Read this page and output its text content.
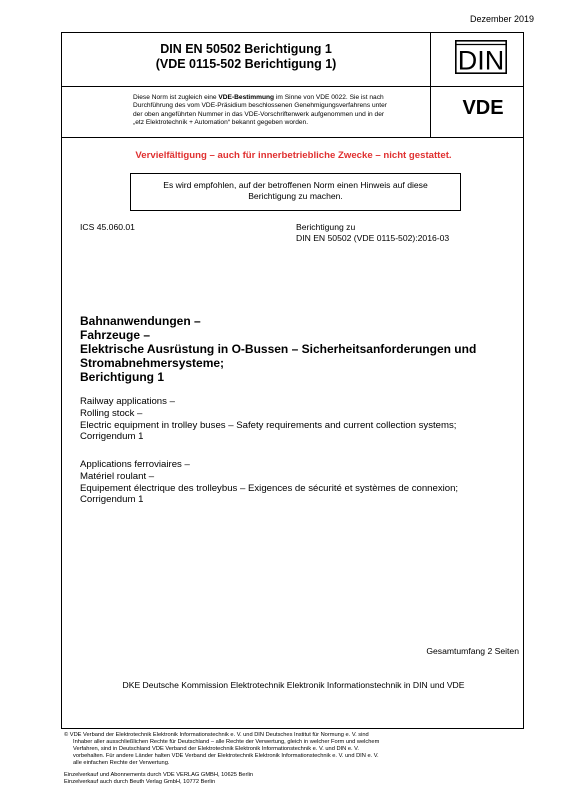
Dezember 2019
DIN EN 50502 Berichtigung 1
(VDE 0115-502 Berichtigung 1)	DIN
Diese Norm ist zugleich eine VDE-Bestimmung im Sinne von VDE 0022. Sie ist nach
Durchführung des vom VDE-Präsidium beschlossenen Genehmigungsverfahrens unter
der oben angeführten Nummer in das VDE-Vorschriftenwerk aufgenommen und in der
„etz Elektrotechnik + Automation“ bekannt gegeben worden.
VDE
Vervielfältigung – auch für innerbetriebliche Zwecke – nicht gestattet.
Es wird empfohlen, auf der betroffenen Norm einen Hinweis auf diese
Berichtigung zu machen.
ICS 45.060.01	Berichtigung zu
DIN EN 50502 (VDE 0115-502):2016-03
Bahnanwendungen –
Fahrzeuge –
Elektrische Ausrüstung in O-Bussen – Sicherheitsanforderungen und
Stromabnehmersysteme;
Berichtigung 1
Railway applications –
Rolling stock –
Electric equipment in trolley buses – Safety requirements and current collection systems;
Corrigendum 1
Applications ferroviaires –
Matériel roulant –
Equipement électrique des trolleybus – Exigences de sécurité et systèmes de connexion;
Corrigendum 1
Gesamtumfang 2 Seiten
DKE Deutsche Kommission Elektrotechnik Elektronik Informationstechnik in DIN und VDE
© VDE Verband der Elektrotechnik Elektronik Informationstechnik e. V. und DIN Deutsches Institut für Normung e. V. sind
Inhaber aller ausschließlichen Rechte für Deutschland – alle Rechte der Verwertung, gleich in welcher Form und welchem
Verfahren, sind in Deutschland VDE Verband der Elektrotechnik Elektronik Informationstechnik e. V. und DIN e. V.
vorbehalten. Für andere Länder halten VDE Verband der Elektrotechnik Elektronik Informationstechnik e. V. und DIN e. V.
alle einfachen Rechte der Verwertung.
Einzelverkauf und Abonnements durch VDE VERLAG GMBH, 10625 Berlin
Einzelverkauf auch durch Beuth Verlag GmbH, 10772 Berlin
